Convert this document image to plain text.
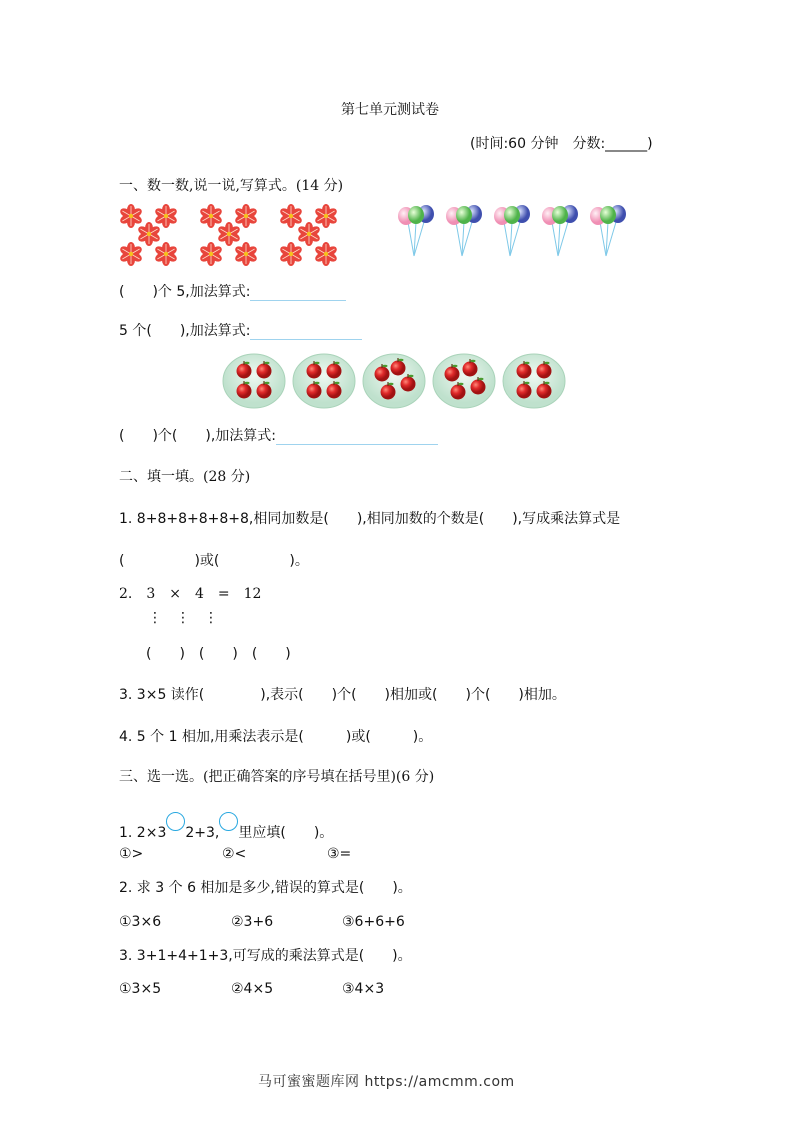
第七单元测试卷
(时间:60 分钟　分数:______)
一、数一数,说一说,写算式。(14 分)
(　　)个 5,加法算式:
5 个(　　),加法算式:
(　　)个(　　),加法算式:
二、填一填。(28 分)
1. 8+8+8+8+8+8,相同加数是(　　),相同加数的个数是(　　),写成乘法算式是
(　　　　　)或(　　　　　)。
2.　3　×　4　=　12
⋮　⋮　⋮
(　　)　(　　)　(　　)
3. 3×5 读作(　　　　),表示(　　)个(　　)相加或(　　)个(　　)相加。
4. 5 个 1 相加,用乘法表示是(　　　)或(　　　)。
三、选一选。(把正确答案的序号填在括号里)(6 分)
1. 2×3 2+3, 里应填(　　)。
①>	②<	③=
2. 求 3 个 6 相加是多少,错误的算式是(　　)。
①3×6	②3+6	③6+6+6
3. 3+1+4+1+3,可写成的乘法算式是(　　)。
①3×5	②4×5	③4×3
马可蜜蜜题库网 https://amcmm.com
